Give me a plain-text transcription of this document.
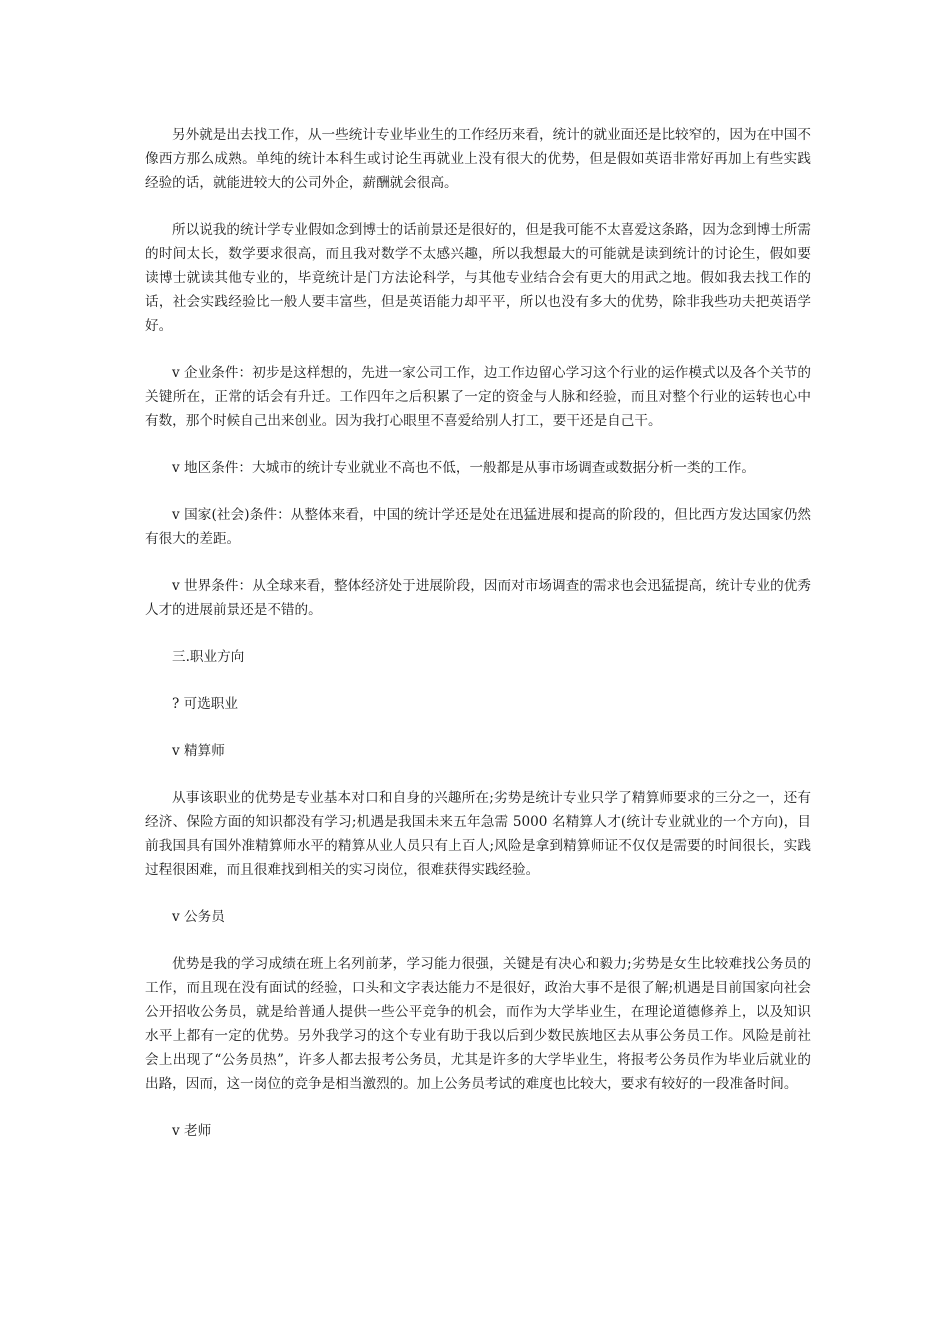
另外就是出去找工作，从一些统计专业毕业生的工作经历来看，统计的就业面还是比较窄的，因为在中国不像西方那么成熟。单纯的统计本科生或讨论生再就业上没有很大的优势，但是假如英语非常好再加上有些实践经验的话，就能进较大的公司外企，薪酬就会很高。

所以说我的统计学专业假如念到博士的话前景还是很好的，但是我可能不太喜爱这条路，因为念到博士所需的时间太长，数学要求很高，而且我对数学不太感兴趣，所以我想最大的可能就是读到统计的讨论生，假如要读博士就读其他专业的，毕竟统计是门方法论科学，与其他专业结合会有更大的用武之地。假如我去找工作的话，社会实践经验比一般人要丰富些，但是英语能力却平平，所以也没有多大的优势，除非我些功夫把英语学好。

v 企业条件：初步是这样想的，先进一家公司工作，边工作边留心学习这个行业的运作模式以及各个关节的关键所在，正常的话会有升迁。工作四年之后积累了一定的资金与人脉和经验，而且对整个行业的运转也心中有数，那个时候自己出来创业。因为我打心眼里不喜爱给别人打工，要干还是自己干。

v 地区条件：大城市的统计专业就业不高也不低，一般都是从事市场调查或数据分析一类的工作。

v 国家(社会)条件：从整体来看，中国的统计学还是处在迅猛进展和提高的阶段的，但比西方发达国家仍然有很大的差距。

v 世界条件：从全球来看，整体经济处于进展阶段，因而对市场调查的需求也会迅猛提高，统计专业的优秀人才的进展前景还是不错的。

三.职业方向

? 可选职业

v 精算师

从事该职业的优势是专业基本对口和自身的兴趣所在;劣势是统计专业只学了精算师要求的三分之一，还有经济、保险方面的知识都没有学习;机遇是我国未来五年急需 5000 名精算人才(统计专业就业的一个方向)，目前我国具有国外准精算师水平的精算从业人员只有上百人;风险是拿到精算师证不仅仅是需要的时间很长，实践过程很困难，而且很难找到相关的实习岗位，很难获得实践经验。

v 公务员

优势是我的学习成绩在班上名列前茅，学习能力很强，关键是有决心和毅力;劣势是女生比较难找公务员的工作，而且现在没有面试的经验，口头和文字表达能力不是很好，政治大事不是很了解;机遇是目前国家向社会公开招收公务员，就是给普通人提供一些公平竞争的机会，而作为大学毕业生，在理论道德修养上，以及知识水平上都有一定的优势。另外我学习的这个专业有助于我以后到少数民族地区去从事公务员工作。风险是前社会上出现了“公务员热”，许多人都去报考公务员，尤其是许多的大学毕业生，将报考公务员作为毕业后就业的出路，因而，这一岗位的竞争是相当激烈的。加上公务员考试的难度也比较大，要求有较好的一段准备时间。

v 老师
